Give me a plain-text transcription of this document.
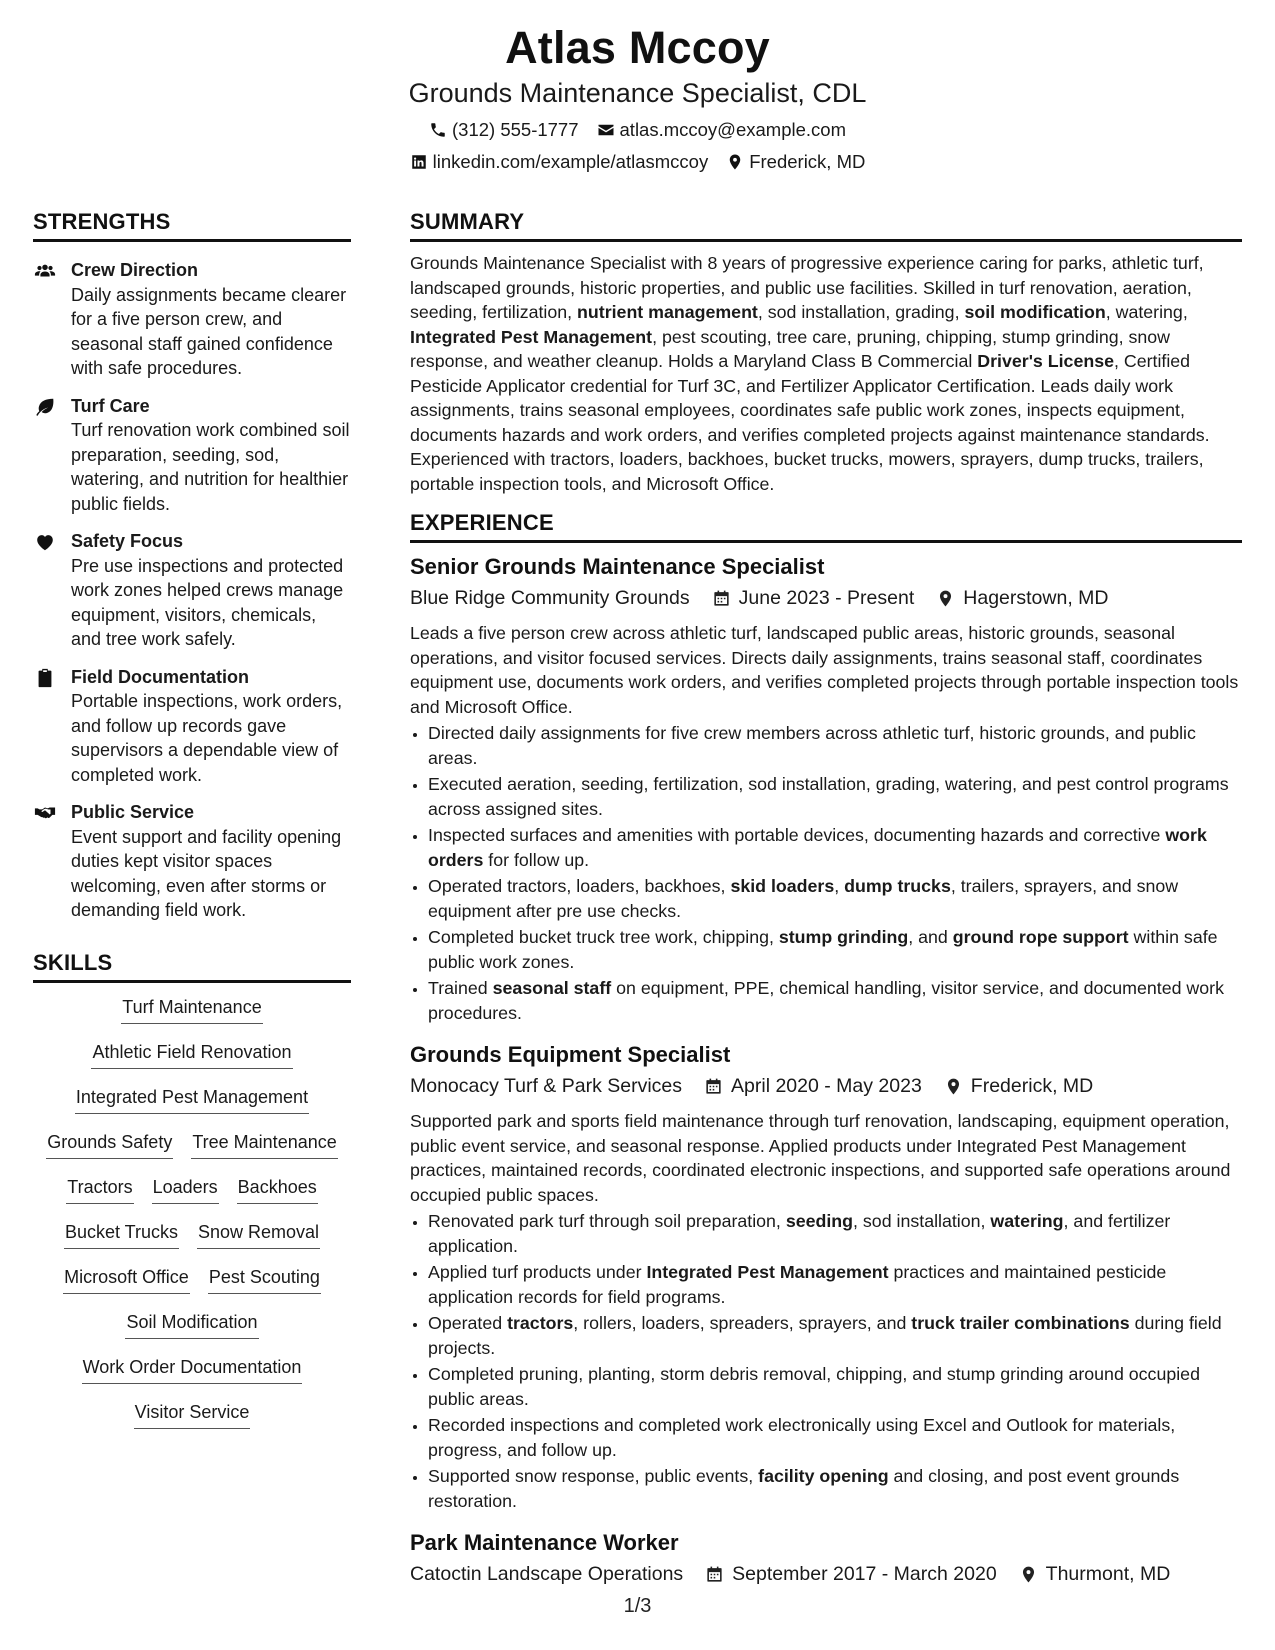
Atlas Mccoy
Grounds Maintenance Specialist, CDL
(312) 555-1777 atlas.mccoy@example.com
linkedin.com/example/atlasmccoy Frederick, MD
STRENGTHS
Crew Direction
Daily assignments became clearer for a five person crew, and seasonal staff gained confidence with safe procedures.
Turf Care
Turf renovation work combined soil preparation, seeding, sod, watering, and nutrition for healthier public fields.
Safety Focus
Pre use inspections and protected work zones helped crews manage equipment, visitors, chemicals, and tree work safely.
Field Documentation
Portable inspections, work orders, and follow up records gave supervisors a dependable view of completed work.
Public Service
Event support and facility opening duties kept visitor spaces welcoming, even after storms or demanding field work.
SKILLS
Turf Maintenance
Athletic Field Renovation
Integrated Pest Management
Grounds Safety Tree Maintenance
Tractors Loaders Backhoes
Bucket Trucks Snow Removal
Microsoft Office Pest Scouting
Soil Modification
Work Order Documentation
Visitor Service
SUMMARY
Grounds Maintenance Specialist with 8 years of progressive experience caring for parks, athletic turf, landscaped grounds, historic properties, and public use facilities. Skilled in turf renovation, aeration, seeding, fertilization, nutrient management, sod installation, grading, soil modification, watering, Integrated Pest Management, pest scouting, tree care, pruning, chipping, stump grinding, snow response, and weather cleanup. Holds a Maryland Class B Commercial Driver's License, Certified Pesticide Applicator credential for Turf 3C, and Fertilizer Applicator Certification. Leads daily work assignments, trains seasonal employees, coordinates safe public work zones, inspects equipment, documents hazards and work orders, and verifies completed projects against maintenance standards. Experienced with tractors, loaders, backhoes, bucket trucks, mowers, sprayers, dump trucks, trailers, portable inspection tools, and Microsoft Office.
EXPERIENCE
Senior Grounds Maintenance Specialist
Blue Ridge Community Grounds	June 2023 - Present	Hagerstown, MD
Leads a five person crew across athletic turf, landscaped public areas, historic grounds, seasonal operations, and visitor focused services. Directs daily assignments, trains seasonal staff, coordinates equipment use, documents work orders, and verifies completed projects through portable inspection tools and Microsoft Office.
• Directed daily assignments for five crew members across athletic turf, historic grounds, and public areas.
• Executed aeration, seeding, fertilization, sod installation, grading, watering, and pest control programs across assigned sites.
• Inspected surfaces and amenities with portable devices, documenting hazards and corrective work orders for follow up.
• Operated tractors, loaders, backhoes, skid loaders, dump trucks, trailers, sprayers, and snow equipment after pre use checks.
• Completed bucket truck tree work, chipping, stump grinding, and ground rope support within safe public work zones.
• Trained seasonal staff on equipment, PPE, chemical handling, visitor service, and documented work procedures.
Grounds Equipment Specialist
Monocacy Turf & Park Services	April 2020 - May 2023	Frederick, MD
Supported park and sports field maintenance through turf renovation, landscaping, equipment operation, public event service, and seasonal response. Applied products under Integrated Pest Management practices, maintained records, coordinated electronic inspections, and supported safe operations around occupied public spaces.
• Renovated park turf through soil preparation, seeding, sod installation, watering, and fertilizer application.
• Applied turf products under Integrated Pest Management practices and maintained pesticide application records for field programs.
• Operated tractors, rollers, loaders, spreaders, sprayers, and truck trailer combinations during field projects.
• Completed pruning, planting, storm debris removal, chipping, and stump grinding around occupied public areas.
• Recorded inspections and completed work electronically using Excel and Outlook for materials, progress, and follow up.
• Supported snow response, public events, facility opening and closing, and post event grounds restoration.
Park Maintenance Worker
Catoctin Landscape Operations	September 2017 - March 2020	Thurmont, MD
1/3
